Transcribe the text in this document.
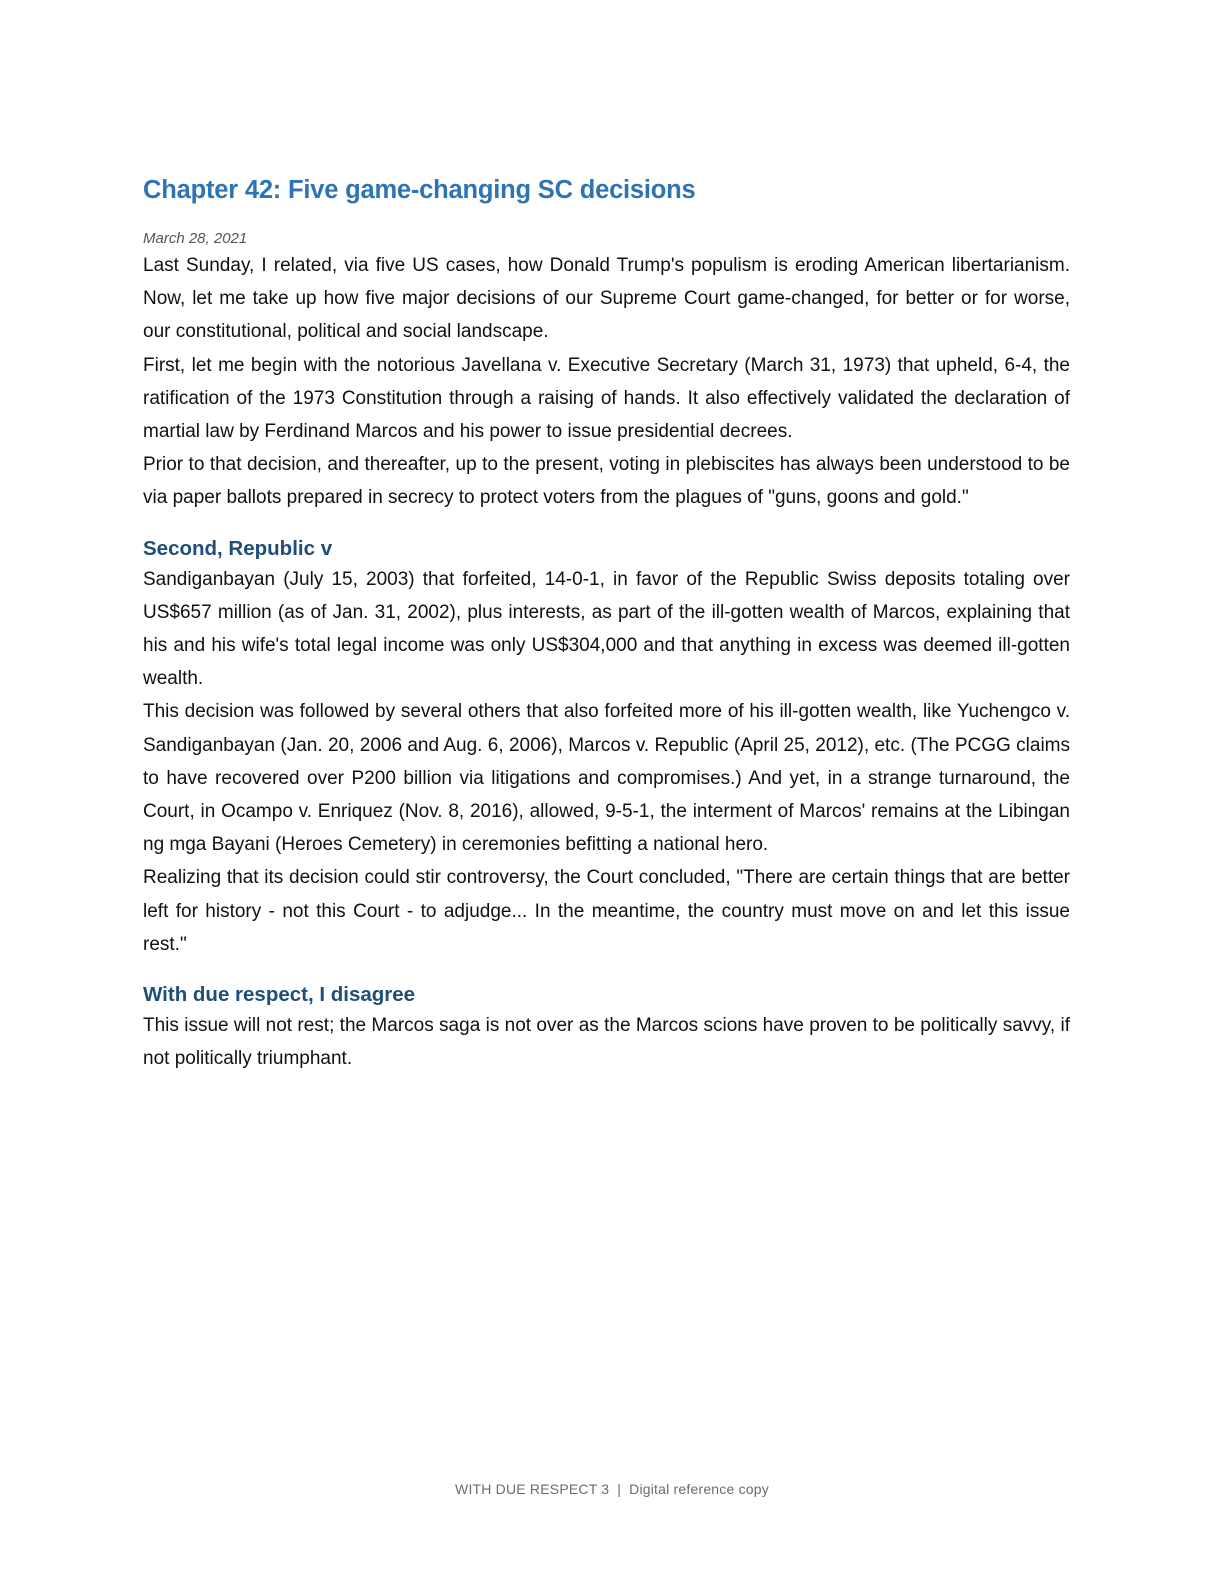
Chapter 42: Five game-changing SC decisions
March 28, 2021

Last Sunday, I related, via five US cases, how Donald Trump's populism is eroding American libertarianism. Now, let me take up how five major decisions of our Supreme Court game-changed, for better or for worse, our constitutional, political and social landscape.

First, let me begin with the notorious Javellana v. Executive Secretary (March 31, 1973) that upheld, 6-4, the ratification of the 1973 Constitution through a raising of hands. It also effectively validated the declaration of martial law by Ferdinand Marcos and his power to issue presidential decrees.

Prior to that decision, and thereafter, up to the present, voting in plebiscites has always been understood to be via paper ballots prepared in secrecy to protect voters from the plagues of "guns, goons and gold."

Second, Republic v

Sandiganbayan (July 15, 2003) that forfeited, 14-0-1, in favor of the Republic Swiss deposits totaling over US$657 million (as of Jan. 31, 2002), plus interests, as part of the ill-gotten wealth of Marcos, explaining that his and his wife's total legal income was only US$304,000 and that anything in excess was deemed ill-gotten wealth.

This decision was followed by several others that also forfeited more of his ill-gotten wealth, like Yuchengco v. Sandiganbayan (Jan. 20, 2006 and Aug. 6, 2006), Marcos v. Republic (April 25, 2012), etc. (The PCGG claims to have recovered over P200 billion via litigations and compromises.) And yet, in a strange turnaround, the Court, in Ocampo v. Enriquez (Nov. 8, 2016), allowed, 9-5-1, the interment of Marcos' remains at the Libingan ng mga Bayani (Heroes Cemetery) in ceremonies befitting a national hero.

Realizing that its decision could stir controversy, the Court concluded, "There are certain things that are better left for history - not this Court - to adjudge... In the meantime, the country must move on and let this issue rest."

With due respect, I disagree

This issue will not rest; the Marcos saga is not over as the Marcos scions have proven to be politically savvy, if not politically triumphant.

WITH DUE RESPECT 3 | Digital reference copy
